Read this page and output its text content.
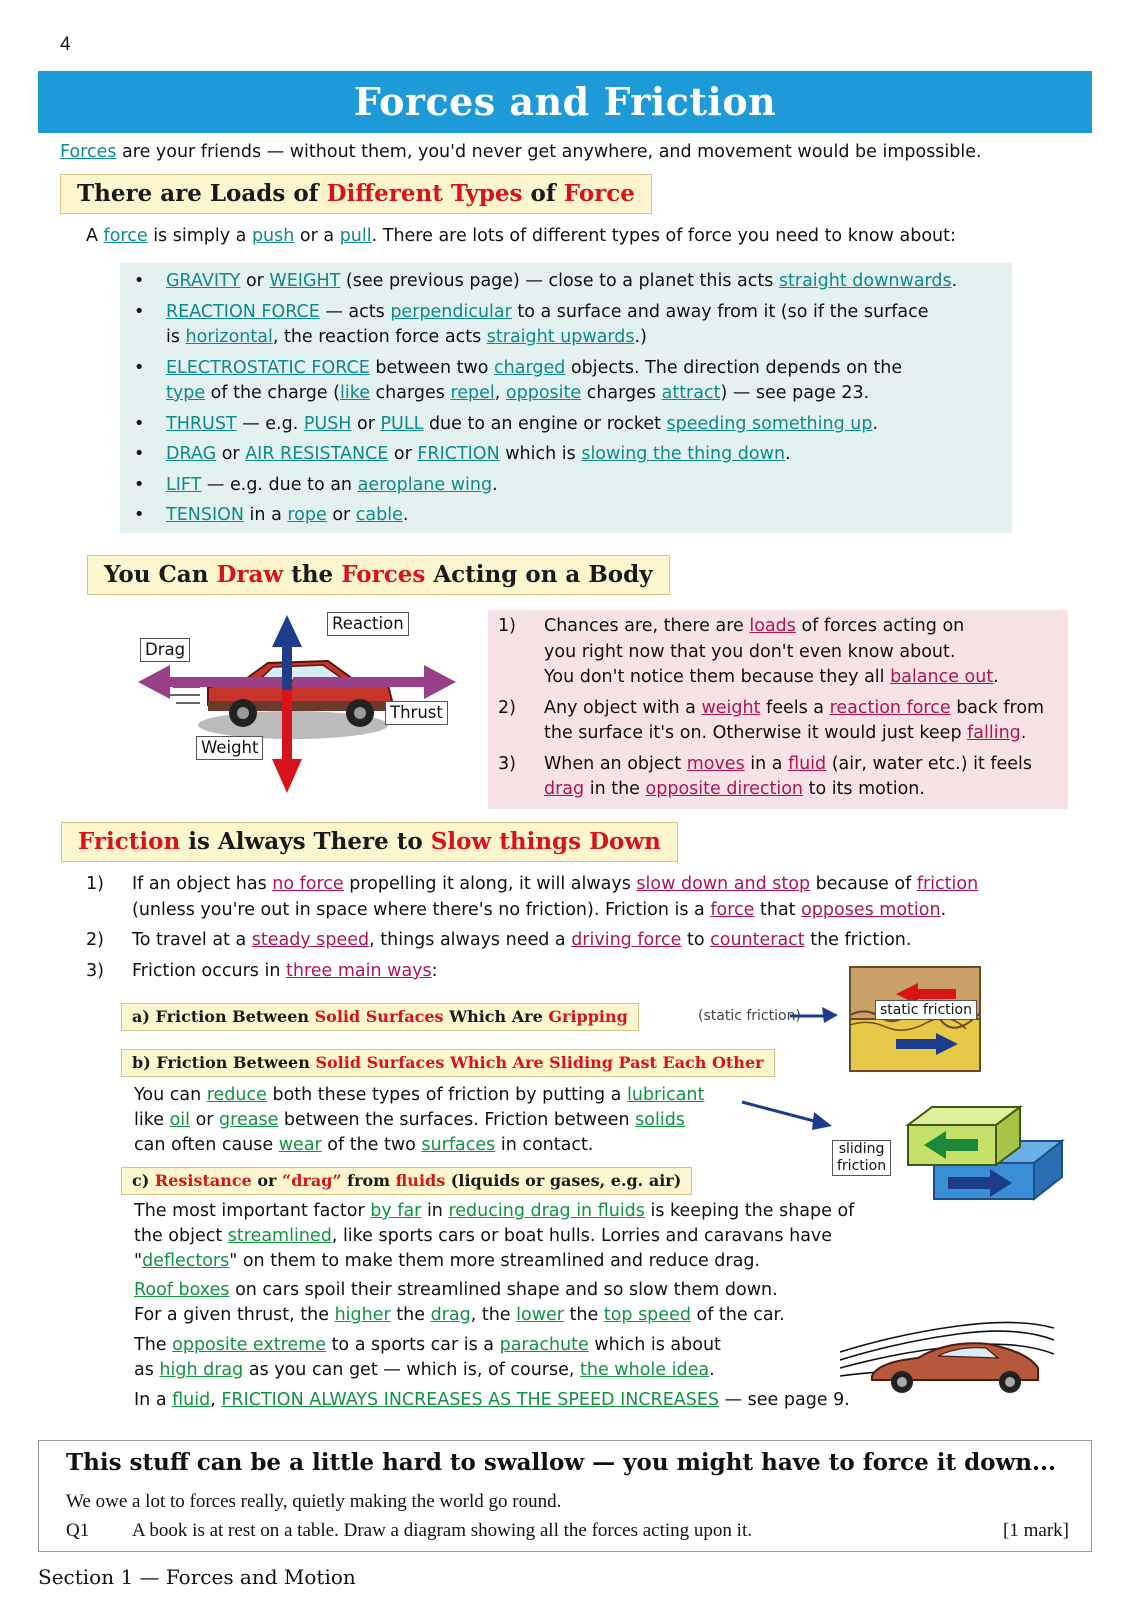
4
Forces and Friction
Forces are your friends — without them, you'd never get anywhere, and movement would be impossible.
There are Loads of Different Types of Force
A force is simply a push or a pull. There are lots of different types of force you need to know about:
• GRAVITY or WEIGHT (see previous page) — close to a planet this acts straight downwards.
• REACTION FORCE — acts perpendicular to a surface and away from it (so if the surface
is horizontal, the reaction force acts straight upwards.)
• ELECTROSTATIC FORCE between two charged objects. The direction depends on the
type of the charge (like charges repel, opposite charges attract) — see page 23.
• THRUST — e.g. PUSH or PULL due to an engine or rocket speeding something up.
• DRAG or AIR RESISTANCE or FRICTION which is slowing the thing down.
• LIFT — e.g. due to an aeroplane wing.
• TENSION in a rope or cable.
You Can Draw the Forces Acting on a Body
Drag
Reaction
Thrust
Weight
1) Chances are, there are loads of forces acting on
you right now that you don't even know about.
You don't notice them because they all balance out.
2) Any object with a weight feels a reaction force back from
the surface it's on. Otherwise it would just keep falling.
3) When an object moves in a fluid (air, water etc.) it feels
drag in the opposite direction to its motion.
Friction is Always There to Slow things Down
1) If an object has no force propelling it along, it will always slow down and stop because of friction
(unless you're out in space where there's no friction). Friction is a force that opposes motion.
2) To travel at a steady speed, things always need a driving force to counteract the friction.
3) Friction occurs in three main ways:
a) Friction Between Solid Surfaces Which Are Gripping	(static friction)	static friction
b) Friction Between Solid Surfaces Which Are Sliding Past Each Other
You can reduce both these types of friction by putting a lubricant
like oil or grease between the surfaces. Friction between solids
can often cause wear of the two surfaces in contact.	sliding
friction
c) Resistance or “drag” from fluids (liquids or gases, e.g. air)
The most important factor by far in reducing drag in fluids is keeping the shape of
the object streamlined, like sports cars or boat hulls. Lorries and caravans have
"deflectors" on them to make them more streamlined and reduce drag.
Roof boxes on cars spoil their streamlined shape and so slow them down.
For a given thrust, the higher the drag, the lower the top speed of the car.
The opposite extreme to a sports car is a parachute which is about
as high drag as you can get — which is, of course, the whole idea.
In a fluid, FRICTION ALWAYS INCREASES AS THE SPEED INCREASES — see page 9.
This stuff can be a little hard to swallow — you might have to force it down...
We owe a lot to forces really, quietly making the world go round.
Q1 A book is at rest on a table. Draw a diagram showing all the forces acting upon it.	[1 mark]
Section 1 — Forces and Motion
